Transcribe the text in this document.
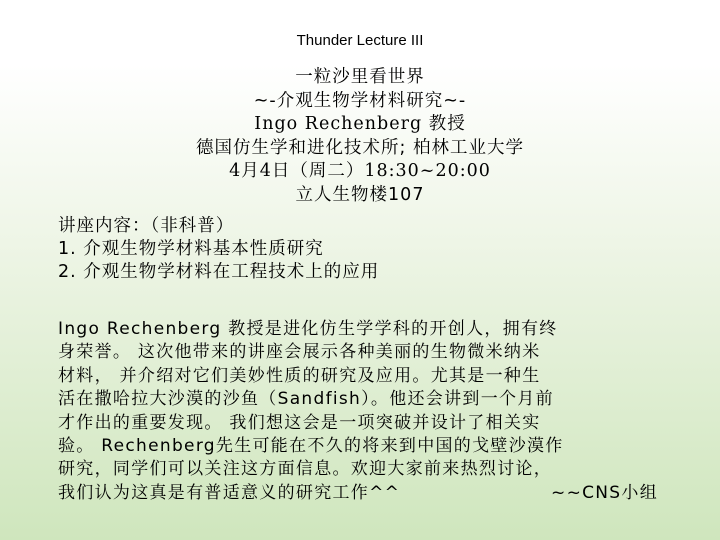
Thunder Lecture III
一粒沙里看世界
~-介观生物学材料研究~-
Ingo Rechenberg 教授
德国仿生学和进化技术所; 柏林工业大学
4月4日（周二）18:30~20:00
立人生物楼107
讲座内容：（非科普）
1. 介观生物学材料基本性质研究
2. 介观生物学材料在工程技术上的应用
Ingo Rechenberg 教授是进化仿生学学科的开创人，拥有终
身荣誉。 这次他带来的讲座会展示各种美丽的生物微米纳米
材料， 并介绍对它们美妙性质的研究及应用。尤其是一种生
活在撒哈拉大沙漠的沙鱼（Sandfish）。他还会讲到一个月前
才作出的重要发现。 我们想这会是一项突破并设计了相关实
验。 Rechenberg先生可能在不久的将来到中国的戈壁沙漠作
研究，同学们可以关注这方面信息。欢迎大家前来热烈讨论，
我们认为这真是有普适意义的研究工作^^	~~CNS小组
